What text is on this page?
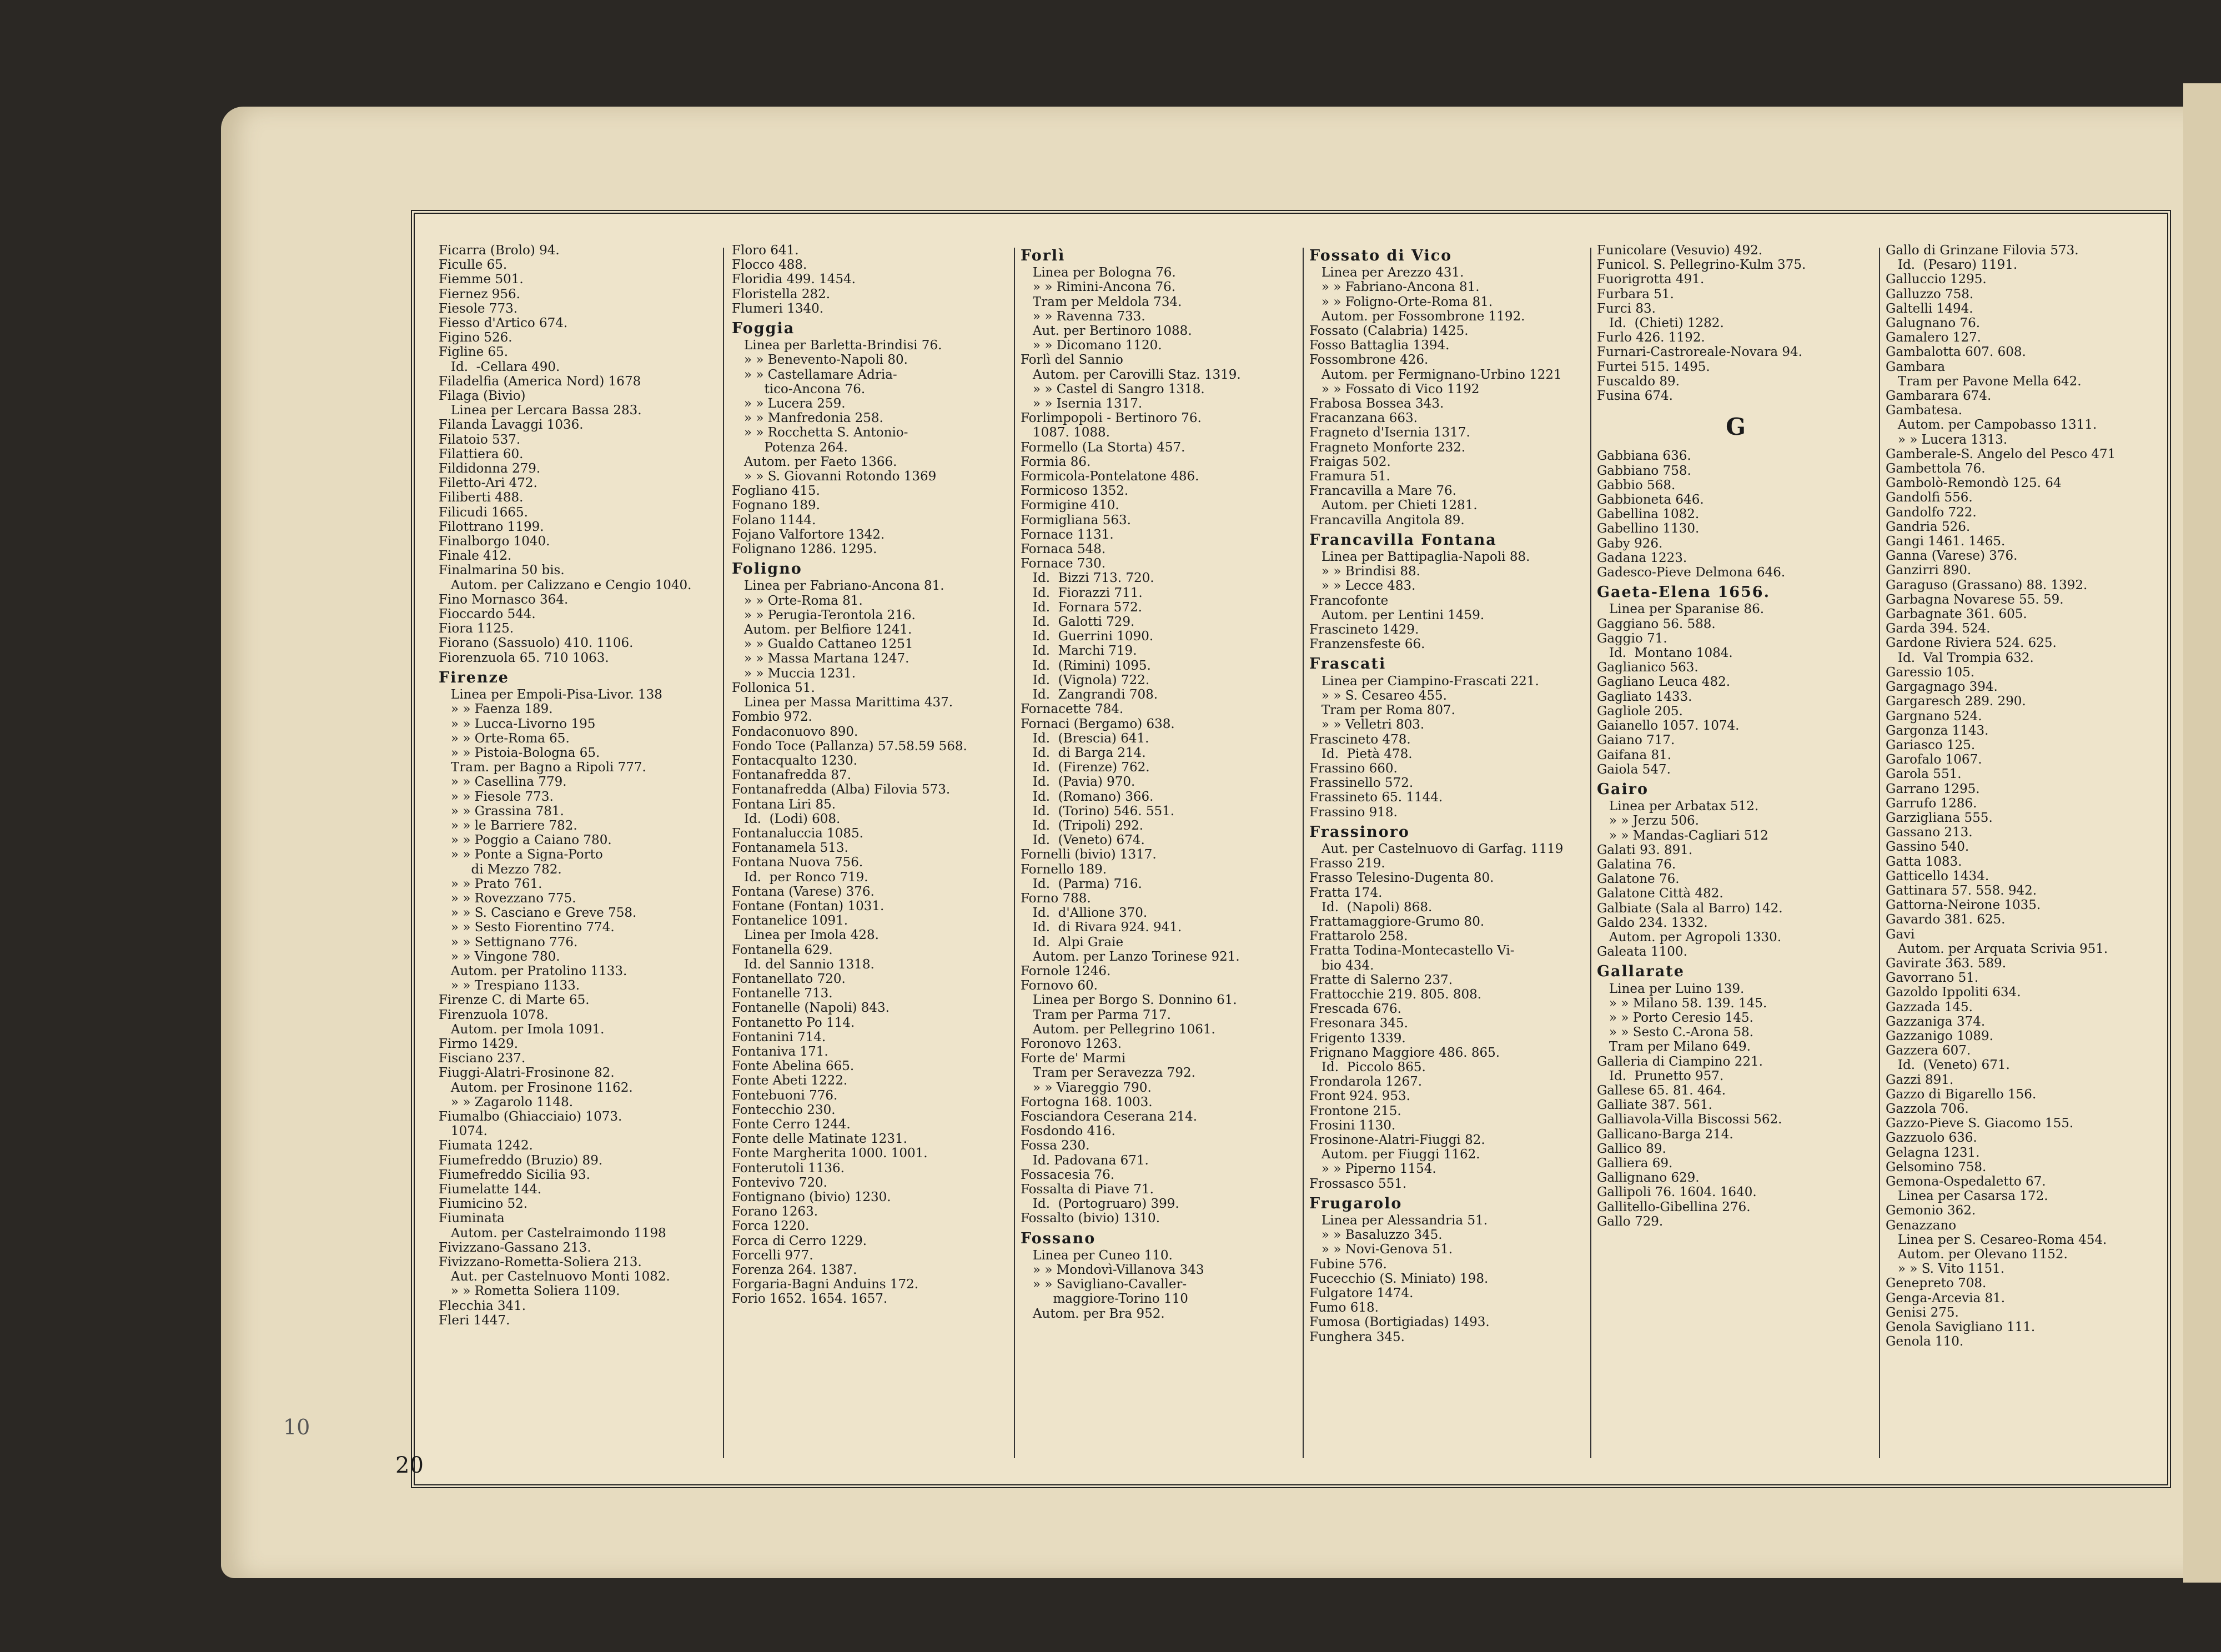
10
Ficarra (Brolo) 94.
Ficulle 65.
Fiemme 501.
Fiernez 956.
Fiesole 773.
Fiesso d'Artico 674.
Figino 526.
Figline 65.
Id.  -Cellara 490.
Filadelfia (America Nord) 1678
Filaga (Bivio)
Linea per Lercara Bassa 283.
Filanda Lavaggi 1036.
Filatoio 537.
Filattiera 60.
Fildidonna 279.
Filetto-Ari 472.
Filiberti 488.
Filicudi 1665.
Filottrano 1199.
Finalborgo 1040.
Finale 412.
Finalmarina 50 bis.
Autom. per Calizzano e Cengio 1040.
Fino Mornasco 364.
Fioccardo 544.
Fiora 1125.
Fiorano (Sassuolo) 410. 1106.
Fiorenzuola 65. 710 1063.
Firenze
Linea per Empoli-Pisa-Livor. 138
» » Faenza 189.
» » Lucca-Livorno 195
» » Orte-Roma 65.
» » Pistoia-Bologna 65.
Tram. per Bagno a Ripoli 777.
» » Casellina 779.
» » Fiesole 773.
» » Grassina 781.
» » le Barriere 782.
» » Poggio a Caiano 780.
» » Ponte a Signa-Porto
di Mezzo 782.
» » Prato 761.
» » Rovezzano 775.
» » S. Casciano e Greve 758.
» » Sesto Fiorentino 774.
» » Settignano 776.
» » Vingone 780.
Autom. per Pratolino 1133.
» » Trespiano 1133.
Firenze C. di Marte 65.
Firenzuola 1078.
Autom. per Imola 1091.
Firmo 1429.
Fisciano 237.
Fiuggi-Alatri-Frosinone 82.
Autom. per Frosinone 1162.
» » Zagarolo 1148.
Fiumalbo (Ghiacciaio) 1073.
1074.
Fiumata 1242.
Fiumefreddo (Bruzio) 89.
Fiumefreddo Sicilia 93.
Fiumelatte 144.
Fiumicino 52.
Fiuminata
Autom. per Castelraimondo 1198
Fivizzano-Gassano 213.
Fivizzano-Rometta-Soliera 213.
Aut. per Castelnuovo Monti 1082.
» » Rometta Soliera 1109.
Flecchia 341.
Fleri 1447.
Floro 641.
Flocco 488.
Floridia 499. 1454.
Floristella 282.
Flumeri 1340.
Foggia
Linea per Barletta-Brindisi 76.
» » Benevento-Napoli 80.
» » Castellamare Adria-
tico-Ancona 76.
» » Lucera 259.
» » Manfredonia 258.
» » Rocchetta S. Antonio-
Potenza 264.
Autom. per Faeto 1366.
» » S. Giovanni Rotondo 1369
Fogliano 415.
Fognano 189.
Folano 1144.
Fojano Valfortore 1342.
Folignano 1286. 1295.
Foligno
Linea per Fabriano-Ancona 81.
» » Orte-Roma 81.
» » Perugia-Terontola 216.
Autom. per Belfiore 1241.
» » Gualdo Cattaneo 1251
» » Massa Martana 1247.
» » Muccia 1231.
Follonica 51.
Linea per Massa Marittima 437.
Fombio 972.
Fondaconuovo 890.
Fondo Toce (Pallanza) 57.58.59 568.
Fontacqualto 1230.
Fontanafredda 87.
Fontanafredda (Alba) Filovia 573.
Fontana Liri 85.
Id.  (Lodi) 608.
Fontanaluccia 1085.
Fontanamela 513.
Fontana Nuova 756.
Id.  per Ronco 719.
Fontana (Varese) 376.
Fontane (Fontan) 1031.
Fontanelice 1091.
Linea per Imola 428.
Fontanella 629.
Id. del Sannio 1318.
Fontanellato 720.
Fontanelle 713.
Fontanelle (Napoli) 843.
Fontanetto Po 114.
Fontanini 714.
Fontaniva 171.
Fonte Abelina 665.
Fonte Abeti 1222.
Fontebuoni 776.
Fontecchio 230.
Fonte Cerro 1244.
Fonte delle Matinate 1231.
Fonte Margherita 1000. 1001.
Fonterutoli 1136.
Fontevivo 720.
Fontignano (bivio) 1230.
Forano 1263.
Forca 1220.
Forca di Cerro 1229.
Forcelli 977.
Forenza 264. 1387.
Forgaria-Bagni Anduins 172.
Forio 1652. 1654. 1657.
Forlì
Linea per Bologna 76.
» » Rimini-Ancona 76.
Tram per Meldola 734.
» » Ravenna 733.
Aut. per Bertinoro 1088.
» » Dicomano 1120.
Forlì del Sannio
Autom. per Carovilli Staz. 1319.
» » Castel di Sangro 1318.
» » Isernia 1317.
Forlimpopoli - Bertinoro 76.
1087. 1088.
Formello (La Storta) 457.
Formia 86.
Formicola-Pontelatone 486.
Formicoso 1352.
Formigine 410.
Formigliana 563.
Fornace 1131.
Fornaca 548.
Fornace 730.
Id.  Bizzi 713. 720.
Id.  Fiorazzi 711.
Id.  Fornara 572.
Id.  Galotti 729.
Id.  Guerrini 1090.
Id.  Marchi 719.
Id.  (Rimini) 1095.
Id.  (Vignola) 722.
Id.  Zangrandi 708.
Fornacette 784.
Fornaci (Bergamo) 638.
Id.  (Brescia) 641.
Id.  di Barga 214.
Id.  (Firenze) 762.
Id.  (Pavia) 970.
Id.  (Romano) 366.
Id.  (Torino) 546. 551.
Id.  (Tripoli) 292.
Id.  (Veneto) 674.
Fornelli (bivio) 1317.
Fornello 189.
Id.  (Parma) 716.
Forno 788.
Id.  d'Allione 370.
Id.  di Rivara 924. 941.
Id.  Alpi Graie
Autom. per Lanzo Torinese 921.
Fornole 1246.
Fornovo 60.
Linea per Borgo S. Donnino 61.
Tram per Parma 717.
Autom. per Pellegrino 1061.
Foronovo 1263.
Forte de' Marmi
Tram per Seravezza 792.
» » Viareggio 790.
Fortogna 168. 1003.
Fosciandora Ceserana 214.
Fosdondo 416.
Fossa 230.
Id. Padovana 671.
Fossacesia 76.
Fossalta di Piave 71.
Id.  (Portogruaro) 399.
Fossalto (bivio) 1310.
Fossano
Linea per Cuneo 110.
» » Mondovì-Villanova 343
» » Savigliano-Cavaller-
maggiore-Torino 110
Autom. per Bra 952.
Fossato di Vico
Linea per Arezzo 431.
» » Fabriano-Ancona 81.
» » Foligno-Orte-Roma 81.
Autom. per Fossombrone 1192.
Fossato (Calabria) 1425.
Fosso Battaglia 1394.
Fossombrone 426.
Autom. per Fermignano-Urbino 1221
» » Fossato di Vico 1192
Frabosa Bossea 343.
Fracanzana 663.
Fragneto d'Isernia 1317.
Fragneto Monforte 232.
Fraigas 502.
Framura 51.
Francavilla a Mare 76.
Autom. per Chieti 1281.
Francavilla Angitola 89.
Francavilla Fontana
Linea per Battipaglia-Napoli 88.
» » Brindisi 88.
» » Lecce 483.
Francofonte
Autom. per Lentini 1459.
Frascineto 1429.
Franzensfeste 66.
Frascati
Linea per Ciampino-Frascati 221.
» » S. Cesareo 455.
Tram per Roma 807.
» » Velletri 803.
Frascineto 478.
Id.  Pietà 478.
Frassino 660.
Frassinello 572.
Frassineto 65. 1144.
Frassino 918.
Frassinoro
Aut. per Castelnuovo di Garfag. 1119
Frasso 219.
Frasso Telesino-Dugenta 80.
Fratta 174.
Id.  (Napoli) 868.
Frattamaggiore-Grumo 80.
Frattarolo 258.
Fratta Todina-Montecastello Vi-
bio 434.
Fratte di Salerno 237.
Frattocchie 219. 805. 808.
Frescada 676.
Fresonara 345.
Frigento 1339.
Frignano Maggiore 486. 865.
Id.  Piccolo 865.
Frondarola 1267.
Front 924. 953.
Frontone 215.
Frosini 1130.
Frosinone-Alatri-Fiuggi 82.
Autom. per Fiuggi 1162.
» » Piperno 1154.
Frossasco 551.
Frugarolo
Linea per Alessandria 51.
» » Basaluzzo 345.
» » Novi-Genova 51.
Fubine 576.
Fucecchio (S. Miniato) 198.
Fulgatore 1474.
Fumo 618.
Fumosa (Bortigiadas) 1493.
Funghera 345.
Funicolare (Vesuvio) 492.
Funicol. S. Pellegrino-Kulm 375.
Fuorigrotta 491.
Furbara 51.
Furci 83.
Id.  (Chieti) 1282.
Furlo 426. 1192.
Furnari-Castroreale-Novara 94.
Furtei 515. 1495.
Fuscaldo 89.
Fusina 674.
G
Gabbiana 636.
Gabbiano 758.
Gabbio 568.
Gabbioneta 646.
Gabellina 1082.
Gabellino 1130.
Gaby 926.
Gadana 1223.
Gadesco-Pieve Delmona 646.
Gaeta-Elena 1656.
Linea per Sparanise 86.
Gaggiano 56. 588.
Gaggio 71.
Id.  Montano 1084.
Gaglianico 563.
Gagliano Leuca 482.
Gagliato 1433.
Gagliole 205.
Gaianello 1057. 1074.
Gaiano 717.
Gaifana 81.
Gaiola 547.
Gairo
Linea per Arbatax 512.
» » Jerzu 506.
» » Mandas-Cagliari 512
Galati 93. 891.
Galatina 76.
Galatone 76.
Galatone Città 482.
Galbiate (Sala al Barro) 142.
Galdo 234. 1332.
Autom. per Agropoli 1330.
Galeata 1100.
Gallarate
Linea per Luino 139.
» » Milano 58. 139. 145.
» » Porto Ceresio 145.
» » Sesto C.-Arona 58.
Tram per Milano 649.
Galleria di Ciampino 221.
Id.  Prunetto 957.
Gallese 65. 81. 464.
Galliate 387. 561.
Galliavola-Villa Biscossi 562.
Gallicano-Barga 214.
Gallico 89.
Galliera 69.
Gallignano 629.
Gallipoli 76. 1604. 1640.
Gallitello-Gibellina 276.
Gallo 729.
Gallo di Grinzane Filovia 573.
Id.  (Pesaro) 1191.
Galluccio 1295.
Galluzzo 758.
Galtelli 1494.
Galugnano 76.
Gamalero 127.
Gambalotta 607. 608.
Gambara
Tram per Pavone Mella 642.
Gambarara 674.
Gambatesa.
Autom. per Campobasso 1311.
» » Lucera 1313.
Gamberale-S. Angelo del Pesco 471
Gambettola 76.
Gambolò-Remondò 125. 64
Gandolfi 556.
Gandolfo 722.
Gandria 526.
Gangi 1461. 1465.
Ganna (Varese) 376.
Ganzirri 890.
Garaguso (Grassano) 88. 1392.
Garbagna Novarese 55. 59.
Garbagnate 361. 605.
Garda 394. 524.
Gardone Riviera 524. 625.
Id.  Val Trompia 632.
Garessio 105.
Gargagnago 394.
Gargaresch 289. 290.
Gargnano 524.
Gargonza 1143.
Gariasco 125.
Garofalo 1067.
Garola 551.
Garrano 1295.
Garrufo 1286.
Garzigliana 555.
Gassano 213.
Gassino 540.
Gatta 1083.
Gatticello 1434.
Gattinara 57. 558. 942.
Gattorna-Neirone 1035.
Gavardo 381. 625.
Gavi
Autom. per Arquata Scrivia 951.
Gavirate 363. 589.
Gavorrano 51.
Gazoldo Ippoliti 634.
Gazzada 145.
Gazzaniga 374.
Gazzanigo 1089.
Gazzera 607.
Id.  (Veneto) 671.
Gazzi 891.
Gazzo di Bigarello 156.
Gazzola 706.
Gazzo-Pieve S. Giacomo 155.
Gazzuolo 636.
Gelagna 1231.
Gelsomino 758.
Gemona-Ospedaletto 67.
Linea per Casarsa 172.
Gemonio 362.
Genazzano
Linea per S. Cesareo-Roma 454.
Autom. per Olevano 1152.
» » S. Vito 1151.
Genepreto 708.
Genga-Arcevia 81.
Genisi 275.
Genola Savigliano 111.
Genola 110.
20
